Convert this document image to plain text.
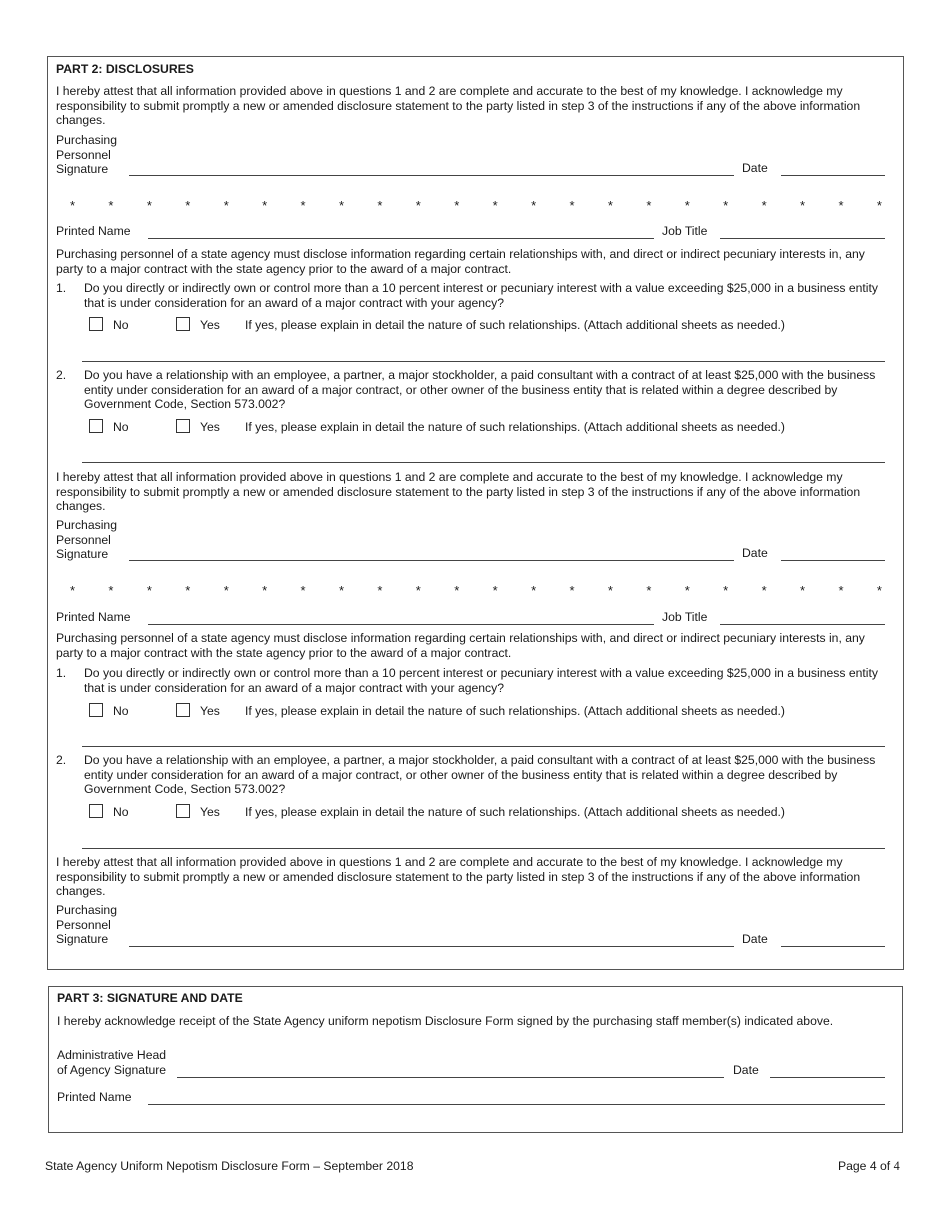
PART 2: DISCLOSURES
I hereby attest that all information provided above in questions 1 and 2 are complete and accurate to the best of my knowledge. I acknowledge my responsibility to submit promptly a new or amended disclosure statement to the party listed in step 3 of the instructions if any of the above information changes.
Purchasing
Personnel
Signature	Date
*	*	*	*	*	*	*	*	*	*	*	*	*	*	*	*	*	*	*	*	*	*
Printed Name	Job Title
Purchasing personnel of a state agency must disclose information regarding certain relationships with, and direct or indirect pecuniary interests in, any party to a major contract with the state agency prior to the award of a major contract.
1. Do you directly or indirectly own or control more than a 10 percent interest or pecuniary interest with a value exceeding $25,000 in a business entity that is under consideration for an award of a major contract with your agency?
No	Yes If yes, please explain in detail the nature of such relationships. (Attach additional sheets as needed.)
2. Do you have a relationship with an employee, a partner, a major stockholder, a paid consultant with a contract of at least $25,000 with the business entity under consideration for an award of a major contract, or other owner of the business entity that is related within a degree described by Government Code, Section 573.002?
No	Yes If yes, please explain in detail the nature of such relationships. (Attach additional sheets as needed.)
I hereby attest that all information provided above in questions 1 and 2 are complete and accurate to the best of my knowledge. I acknowledge my responsibility to submit promptly a new or amended disclosure statement to the party listed in step 3 of the instructions if any of the above information changes.
Purchasing
Personnel
Signature	Date
*	*	*	*	*	*	*	*	*	*	*	*	*	*	*	*	*	*	*	*	*	*
Printed Name	Job Title
Purchasing personnel of a state agency must disclose information regarding certain relationships with, and direct or indirect pecuniary interests in, any party to a major contract with the state agency prior to the award of a major contract.
1. Do you directly or indirectly own or control more than a 10 percent interest or pecuniary interest with a value exceeding $25,000 in a business entity that is under consideration for an award of a major contract with your agency?
No	Yes If yes, please explain in detail the nature of such relationships. (Attach additional sheets as needed.)
2. Do you have a relationship with an employee, a partner, a major stockholder, a paid consultant with a contract of at least $25,000 with the business entity under consideration for an award of a major contract, or other owner of the business entity that is related within a degree described by Government Code, Section 573.002?
No	Yes If yes, please explain in detail the nature of such relationships. (Attach additional sheets as needed.)
I hereby attest that all information provided above in questions 1 and 2 are complete and accurate to the best of my knowledge. I acknowledge my responsibility to submit promptly a new or amended disclosure statement to the party listed in step 3 of the instructions if any of the above information changes.
Purchasing
Personnel
Signature	Date
PART 3: SIGNATURE AND DATE
I hereby acknowledge receipt of the State Agency uniform nepotism Disclosure Form signed by the purchasing staff member(s) indicated above.
Administrative Head
of Agency Signature	Date
Printed Name
State Agency Uniform Nepotism Disclosure Form – September 2018	Page 4 of 4
